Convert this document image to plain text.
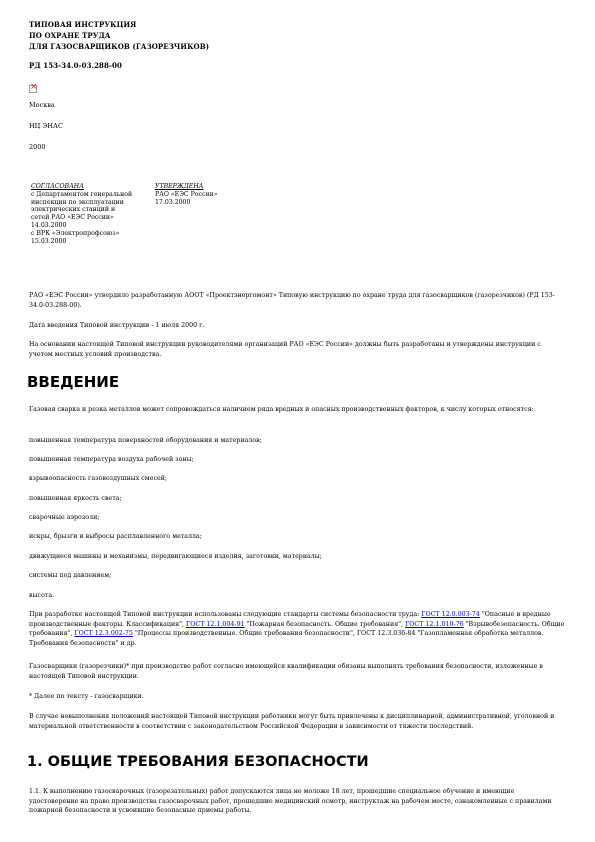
ТИПОВАЯ ИНСТРУКЦИЯ
ПО ОХРАНЕ ТРУДА
ДЛЯ ГАЗОСВАРЩИКОВ (ГАЗОРЕЗЧИКОВ)
РД 153-34.0-03.288-00
×
Москва
НЦ ЭНАС
2000
СОГЛАСОВАНА
с Департаментом генеральной
инспекции по эксплуатации
электрических станций и
сетей РАО «ЕЭС России»
14.03.2000
с ВРК «Электропрофсоюз»
15.03.2000
УТВЕРЖДЕНА
РАО «ЕЭС России»
17.03.2000
РАО «ЕЭС России» утвердило разработанную АООТ «Проектэнергомонт» Типовую инструкцию по охране труда для газосварщиков (газорезчиков) (РД 153-34.0-03.288-00).
Дата введения Типовой инструкции - 1 июля 2000 г.
На основании настоящей Типовой инструкции руководителями организаций РАО «ЕЭС России» должны быть разработаны и утверждены инструкции с учетом местных условий производства.
ВВЕДЕНИЕ
Газовая сварка и резка металлов может сопровождаться наличием ряда вредных и опасных производственных факторов, к числу которых относятся:
повышенная температура поверхностей оборудования и материалов;
повышенная температура воздуха рабочей зоны;
взрывоопасность газовоздушных смесей;
повышенная яркость света;
сварочные аэрозоли;
искры, брызги и выбросы расплавленного металла;
движущиеся машины и механизмы, передвигающиеся изделия, заготовки, материалы;
системы под давлением;
высота.
При разработке настоящей Типовой инструкции использованы следующие стандарты системы безопасности труда: ГОСТ 12.0.003-74 "Опасные и вредные производственные факторы. Классификация", ГОСТ 12.1.004-91 "Пожарная безопасность. Общие требования", ГОСТ 12.1.010-76 "Взрывобезопасность. Общие требования", ГОСТ 12.3.002-75 "Процессы производственные. Общие требования безопасности", ГОСТ 12.3.036-84 "Газопламенная обработка металлов. Требования безопасности" и др.
Газосварщики (газорезчики)* при производстве работ согласно имеющейся квалификации обязаны выполнять требования безопасности, изложенные в настоящей Типовой инструкции.
* Далее по тексту - газосварщики.
В случае невыполнения положений настоящей Типовой инструкции работники могут быть привлечены к дисциплинарной, административной, уголовной и материальной ответственности в соответствии с законодательством Российской Федерации в зависимости от тяжести последствий.
1. ОБЩИЕ ТРЕБОВАНИЯ БЕЗОПАСНОСТИ
1.1. К выполнению газосварочных (газорезательных) работ допускаются лица не моложе 18 лет, прошедшие специальное обучение и имеющие удостоверение на право производства газосварочных работ, прошедшие медицинский осмотр, инструктаж на рабочем месте, ознакомленные с правилами пожарной безопасности и усвоившие безопасные приемы работы.
